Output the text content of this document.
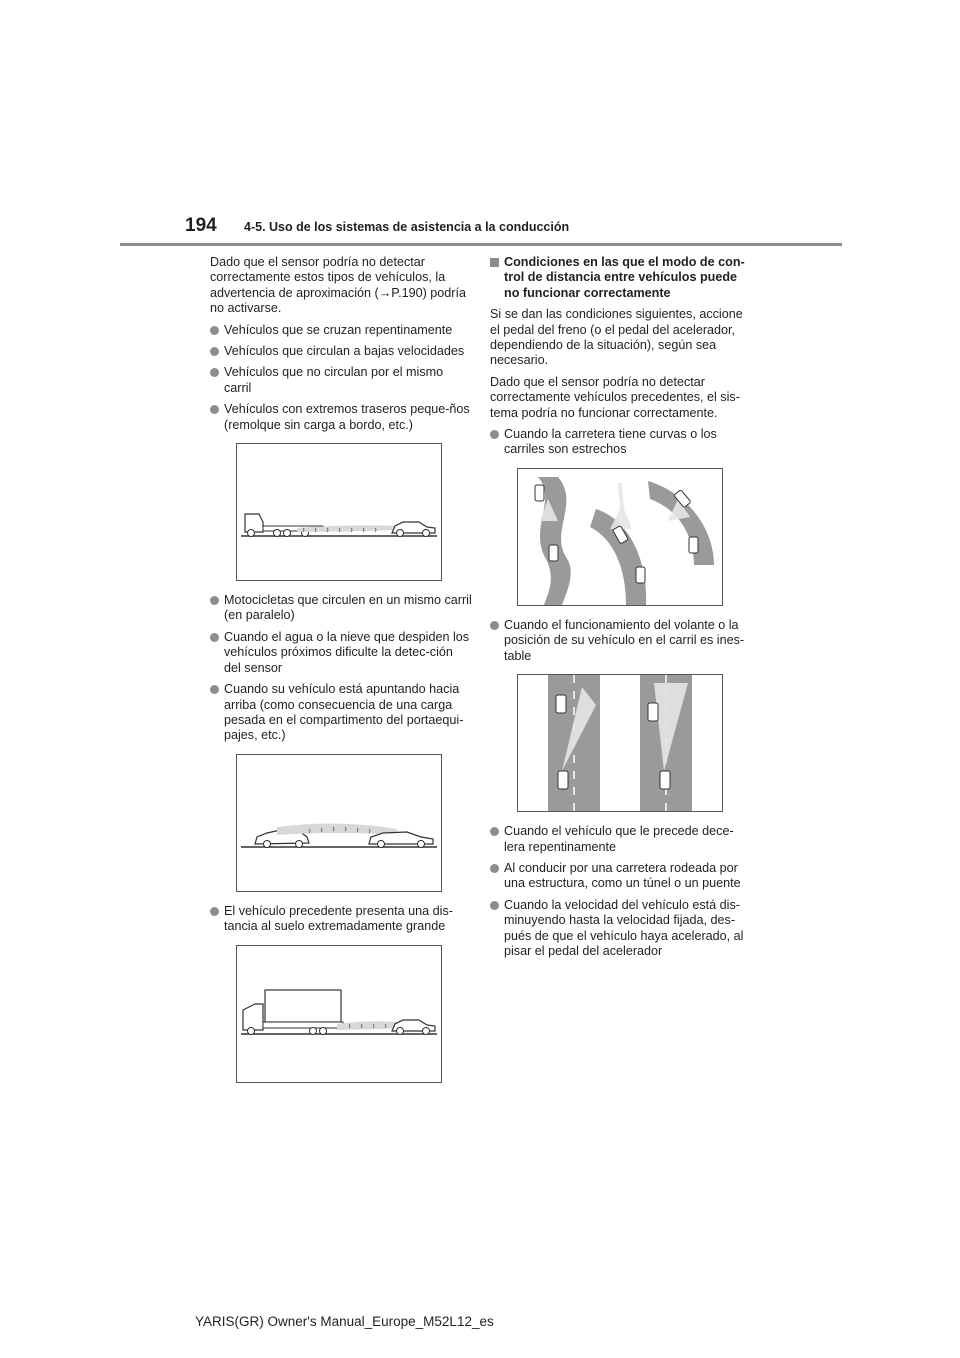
194 4-5. Uso de los sistemas de asistencia a la conducción

Dado que el sensor podría no detectar correctamente estos tipos de vehículos, la advertencia de aproximación (→P.190) podría no activarse.

Vehículos que se cruzan repentinamente
Vehículos que circulan a bajas velocidades
Vehículos que no circulan por el mismo carril
Vehículos con extremos traseros peque-ños (remolque sin carga a bordo, etc.)
Motocicletas que circulen en un mismo carril (en paralelo)
Cuando el agua o la nieve que despiden los vehículos próximos dificulte la detec-ción del sensor
Cuando su vehículo está apuntando hacia arriba (como consecuencia de una carga pesada en el compartimento del portaequi-pajes, etc.)
El vehículo precedente presenta una dis-tancia al suelo extremadamente grande
Condiciones en las que el modo de con-trol de distancia entre vehículos puede no funcionar correctamente

Si se dan las condiciones siguientes, accione el pedal del freno (o el pedal del acelerador, dependiendo de la situación), según sea necesario.

Dado que el sensor podría no detectar correctamente vehículos precedentes, el sis-tema podría no funcionar correctamente.

Cuando la carretera tiene curvas o los carriles son estrechos
Cuando el funcionamiento del volante o la posición de su vehículo en el carril es ines-table
Cuando el vehículo que le precede dece-lera repentinamente
Al conducir por una carretera rodeada por una estructura, como un túnel o un puente
Cuando la velocidad del vehículo está dis-minuyendo hasta la velocidad fijada, des-pués de que el vehículo haya acelerado, al pisar el pedal del acelerador
YARIS(GR) Owner's Manual_Europe_M52L12_es
